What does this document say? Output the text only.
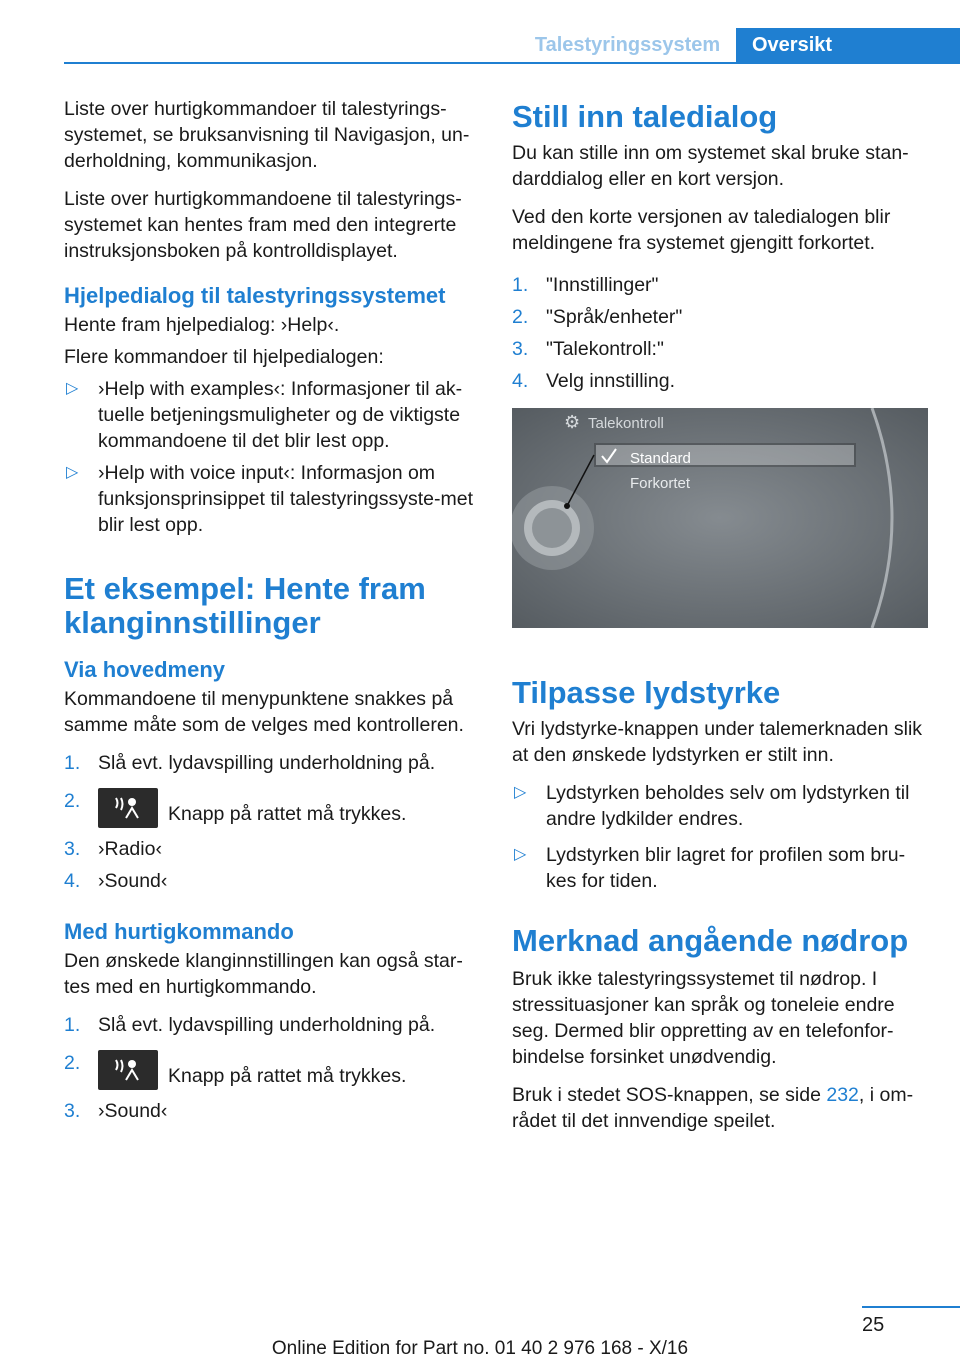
Talestyringssystem	Oversikt

Liste over hurtigkommandoer til talestyrings-systemet, se bruksanvisning til Navigasjon, un-derholdning, kommunikasjon.

Liste over hurtigkommandoene til talestyrings-systemet kan hentes fram med den integrerte instruksjonsboken på kontrolldisplayet.

Hjelpedialog til talestyringssystemet

Hente fram hjelpedialog: ›Help‹.

Flere kommandoer til hjelpedialogen:

▷ ›Help with examples‹: Informasjoner til ak-tuelle betjeningsmuligheter og de viktigste kommandoene til det blir lest opp.
▷ ›Help with voice input‹: Informasjon om funksjonsprinsippet til talestyringssyste-met blir lest opp.
Et eksempel: Hente fram klanginnstillinger
Via hovedmeny

Kommandoene til menypunktene snakkes på samme måte som de velges med kontrolleren.

1. Slå evt. lydavspilling underholdning på.
2.
Knapp på rattet må trykkes.
3. ›Radio‹
4. ›Sound‹
Med hurtigkommando

Den ønskede klanginnstillingen kan også star-tes med en hurtigkommando.

1. Slå evt. lydavspilling underholdning på.
2.
Knapp på rattet må trykkes.
3. ›Sound‹
Still inn taledialog

Du kan stille inn om systemet skal bruke stan-darddialog eller en kort versjon.

Ved den korte versjonen av taledialogen blir meldingene fra systemet gjengitt forkortet.

1. "Innstillinger"
2. "Språk/enheter"
3. "Talekontroll:"
4. Velg innstilling.
⚙ Talekontroll
Standard
Forkortet
Tilpasse lydstyrke

Vri lydstyrke-knappen under talemerknaden slik at den ønskede lydstyrken er stilt inn.

▷ Lydstyrken beholdes selv om lydstyrken til andre lydkilder endres.
▷ Lydstyrken blir lagret for profilen som bru-kes for tiden.
Merknad angående nødrop

Bruk ikke talestyringssystemet til nødrop. I stressituasjoner kan språk og toneleie endre seg. Dermed blir oppretting av en telefonfor-bindelse forsinket unødvendig.

Bruk i stedet SOS-knappen, se side 232, i om-rådet til det innvendige speilet.

25
Online Edition for Part no. 01 40 2 976 168 - X/16
